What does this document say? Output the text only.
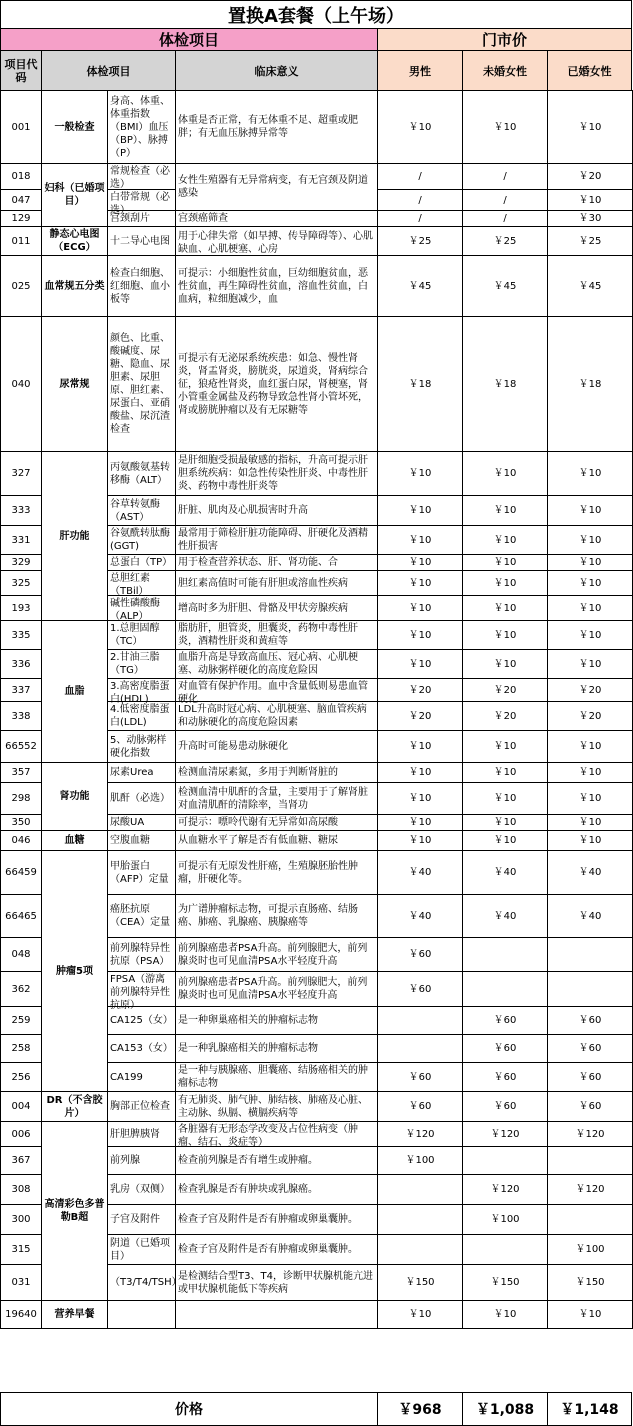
置换A套餐（上午场）
体检项目	门市价
项目代码	体检项目	临床意义	男性	未婚女性	已婚女性
001	一般检查	身高、体重、体重指数（BMI）血压（BP）、脉搏（P）	体重是否正常，有无体重不足、超重或肥胖；有无血压脉搏异常等	￥10	￥10	￥10
018	妇科（已婚项目）	常规检查（必选）	女性生殖器有无异常病变，有无宫颈及阴道感染	/	/	￥20
047		白带常规（必选）		/	/	￥10
129		宫颈刮片	宫颈癌筛查	/	/	￥30
011	静态心电图（ECG）	十二导心电图	用于心律失常（如早搏、传导障碍等）、心肌缺血、心肌梗塞、心房	￥25	￥25	￥25
025	血常规五分类	检查白细胞、红细胞、血小板等	可提示：小细胞性贫血，巨幼细胞贫血，恶性贫血，再生障碍性贫血，溶血性贫血，白血病，粒细胞减少，血	￥45	￥45	￥45
040	尿常规	颜色、比重、酸碱度、尿糖、隐血、尿胆素、尿胆原、胆红素、尿蛋白、亚硝酸盐、尿沉渣检查	可提示有无泌尿系统疾患：如急、慢性肾炎，肾盂肾炎，膀胱炎，尿道炎，肾病综合征，狼疮性肾炎，血红蛋白尿，肾梗塞，肾小管重金属盐及药物导致急性肾小管坏死，肾或膀胱肿瘤以及有无尿糖等	￥18	￥18	￥18
327	肝功能	丙氨酸氨基转移酶（ALT）	是肝细胞受损最敏感的指标，升高可提示肝胆系统疾病：如急性传染性肝炎、中毒性肝炎、药物中毒性肝炎等	￥10	￥10	￥10
333		谷草转氨酶（AST）	肝脏、肌肉及心肌损害时升高	￥10	￥10	￥10
331		谷氨酰转肽酶(GGT)	最常用于筛检肝脏功能障碍、肝硬化及酒精性肝损害	￥10	￥10	￥10
329		总蛋白（TP）	用于检查营养状态、肝、肾功能、合	￥10	￥10	￥10
325		总胆红素（TBil）	胆红素高值时可能有肝胆或溶血性疾病	￥10	￥10	￥10
193		碱性磷酸酶（ALP）	增高时多为肝胆、骨骼及甲状旁腺疾病	￥10	￥10	￥10
335	血脂	1.总胆固醇（TC）	脂肪肝，胆管炎，胆囊炎，药物中毒性肝炎，酒精性肝炎和黄疸等	￥10	￥10	￥10
336		2.甘油三脂（TG）	血脂升高是导致高血压、冠心病、心肌梗塞、动脉粥样硬化的高度危险因	￥10	￥10	￥10
337		3.高密度脂蛋白(HDL)	对血管有保护作用。血中含量低则易患血管硬化	￥20	￥20	￥20
338		4.低密度脂蛋白(LDL)	LDL升高时冠心病、心肌梗塞、脑血管疾病和动脉硬化的高度危险因素	￥20	￥20	￥20
66552		5、动脉粥样硬化指数	升高时可能易患动脉硬化	￥10	￥10	￥10
357	肾功能	尿素Urea	检测血清尿素氮，多用于判断肾脏的	￥10	￥10	￥10
298		肌酐（必选）	检测血清中肌酐的含量，主要用于了解肾脏对血清肌酐的清除率，当肾功	￥10	￥10	￥10
350		尿酸UA	可提示：嘌呤代谢有无异常如高尿酸	￥10	￥10	￥10
046	血糖	空腹血糖	从血糖水平了解是否有低血糖、糖尿	￥10	￥10	￥10
66459	肿瘤5项	甲胎蛋白（AFP）定量	可提示有无原发性肝癌，生殖腺胚胎性肿瘤，肝硬化等。	￥40	￥40	￥40
66465		癌胚抗原（CEA）定量	为广谱肿瘤标志物，可提示直肠癌、结肠癌、肺癌、乳腺癌、胰腺癌等	￥40	￥40	￥40
048		前列腺特异性抗原（PSA）	前列腺癌患者PSA升高。前列腺肥大，前列腺炎时也可见血清PSA水平轻度升高	￥60		
362		FPSA（游离前列腺特异性抗原）	前列腺癌患者PSA升高。前列腺肥大，前列腺炎时也可见血清PSA水平轻度升高	￥60		
259		CA125（女）	是一种卵巢癌相关的肿瘤标志物		￥60	￥60
258		CA153（女）	是一种乳腺癌相关的肿瘤标志物		￥60	￥60
256		CA199	是一种与胰腺癌、胆囊癌、结肠癌相关的肿瘤标志物	￥60	￥60	￥60
004	DR（不含胶片）	胸部正位检查	有无肺炎、肺气肿、肺结核、肺癌及心脏、主动脉、纵膈、横膈疾病等	￥60	￥60	￥60
006	高清彩色多普勒B超	肝胆脾胰肾	各脏器有无形态学改变及占位性病变（肿瘤、结石、炎症等）	￥120	￥120	￥120
367		前列腺	检查前列腺是否有增生或肿瘤。	￥100		
308		乳房（双侧）	检查乳腺是否有肿块或乳腺癌。		￥120	￥120
300		子宫及附件	检查子宫及附件是否有肿瘤或卵巢囊肿。		￥100	
315		阴道（已婚项目）	检查子宫及附件是否有肿瘤或卵巢囊肿。			￥100
031		（T3/T4/TSH）	是检测结合型T3、T4，诊断甲状腺机能亢进或甲状腺机能低下等疾病	￥150	￥150	￥150
19640	营养早餐			￥10	￥10	￥10
价格	￥968	￥1,088	￥1,148
